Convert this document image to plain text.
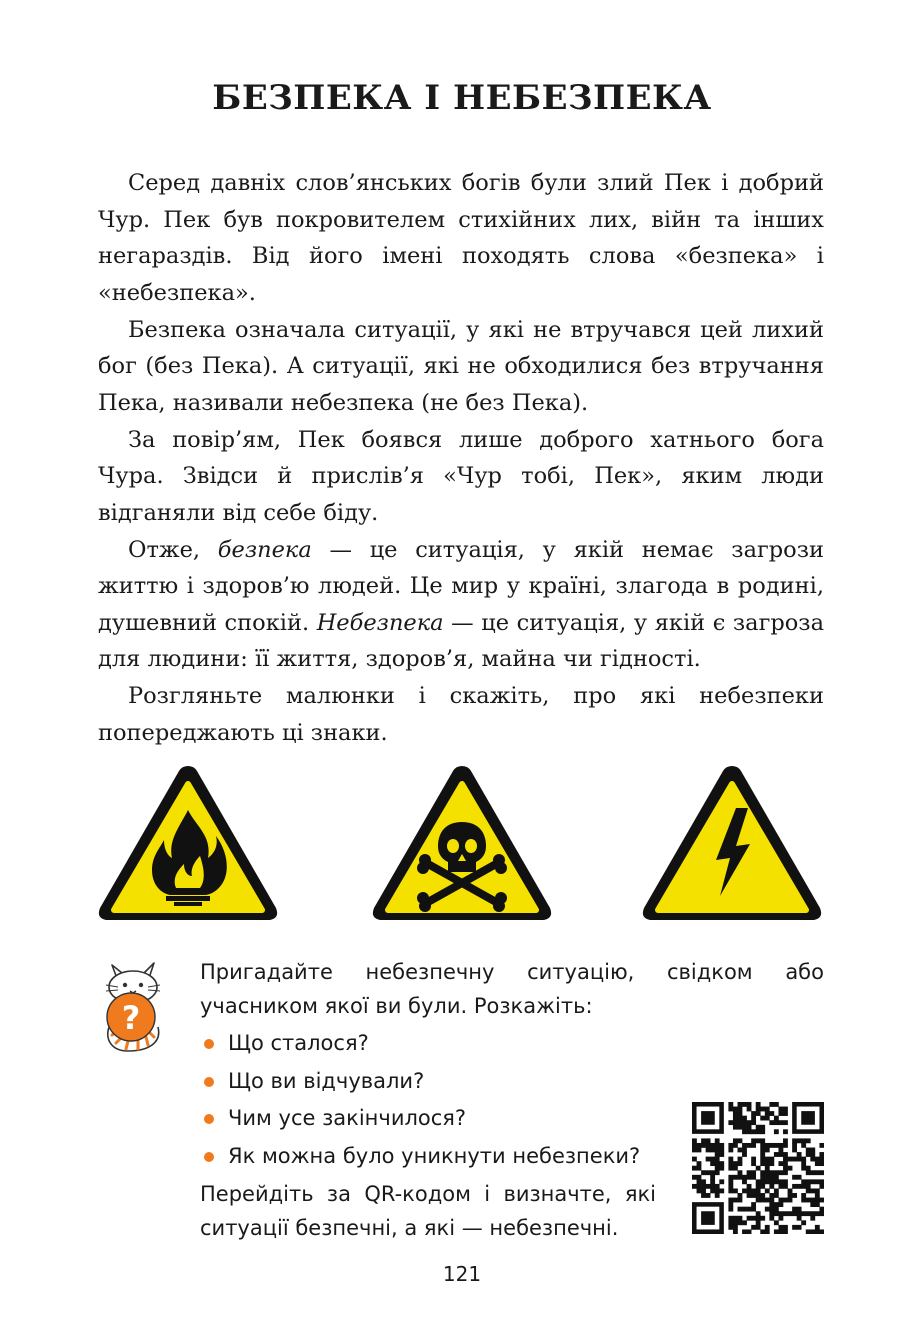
БЕЗПЕКА І НЕБЕЗПЕКА

Серед давніх слов’янських богів були злий Пек і добрий Чур. Пек був покровителем стихійних лих, війн та інших негараздів. Від його імені походять слова «безпека» і «небезпека».

Безпека означала ситуації, у які не втручався цей лихий бог (без Пека). А ситуації, які не обходилися без втручання Пека, називали небезпека (не без Пека).

За повір’ям, Пек боявся лише доброго хатнього бога Чура. Звідси й прислів’я «Чур тобі, Пек», яким люди відганяли від себе біду.

Отже, безпека — це ситуація, у якій немає загрози життю і здоров’ю людей. Це мир у країні, злагода в родині, душевний спокій. Небезпека — це ситуація, у якій є загроза для людини: її життя, здоров’я, майна чи гідності.

Розгляньте малюнки і скажіть, про які небезпеки попереджають ці знаки.

?

Пригадайте небезпечну ситуацію, свідком або учасником якої ви були. Розкажіть:

Що сталося?
Що ви відчували?
Чим усе закінчилося?
Як можна було уникнути небезпеки?

Перейдіть за QR-кодом і визначте, які ситуації безпечні, а які — небезпечні.

121
